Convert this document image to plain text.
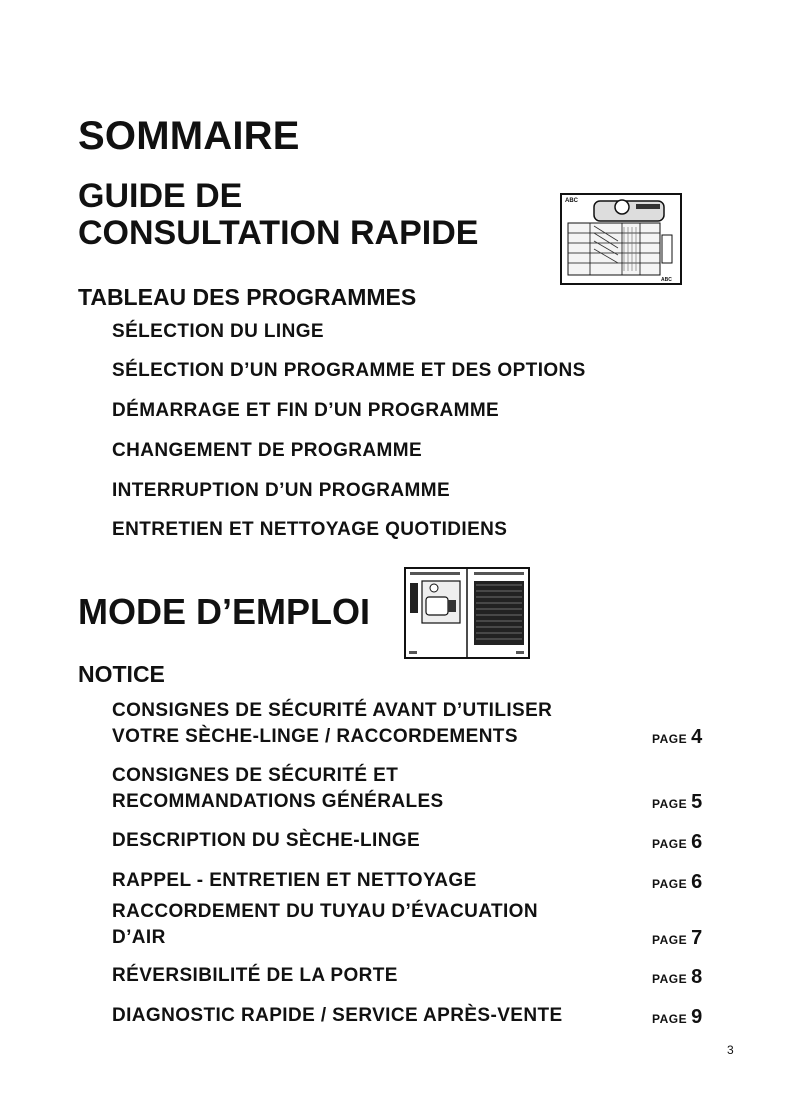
SOMMAIRE
GUIDE DE
CONSULTATION RAPIDE
ABC
ABC
TABLEAU DES PROGRAMMES
SÉLECTION DU LINGE
SÉLECTION D’UN PROGRAMME ET DES OPTIONS
DÉMARRAGE ET FIN D’UN PROGRAMME
CHANGEMENT DE PROGRAMME
INTERRUPTION D’UN PROGRAMME
ENTRETIEN ET NETTOYAGE QUOTIDIENS
MODE D’EMPLOI
NOTICE
CONSIGNES DE SÉCURITÉ AVANT D’UTILISER
VOTRE SÈCHE-LINGE / RACCORDEMENTS	PAGE 4
CONSIGNES DE SÉCURITÉ ET
RECOMMANDATIONS GÉNÉRALES	PAGE 5
DESCRIPTION DU SÈCHE-LINGE	PAGE 6
RAPPEL - ENTRETIEN ET NETTOYAGE	PAGE 6
RACCORDEMENT DU TUYAU D’ÉVACUATION
D’AIR	PAGE 7
RÉVERSIBILITÉ DE LA PORTE	PAGE 8
DIAGNOSTIC RAPIDE / SERVICE APRÈS-VENTE	PAGE 9
3
